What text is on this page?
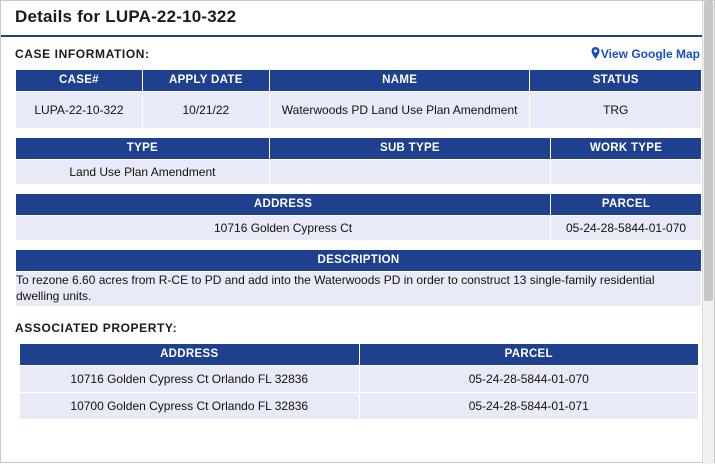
Details for LUPA-22-10-322
CASE INFORMATION:	View Google Map
CASE#	APPLY DATE	NAME	STATUS
LUPA-22-10-322	10/21/22	Waterwoods PD Land Use Plan Amendment	TRG
TYPE	SUB TYPE	WORK TYPE
Land Use Plan Amendment		
ADDRESS	PARCEL
10716 Golden Cypress Ct	05-24-28-5844-01-070
DESCRIPTION
To rezone 6.60 acres from R-CE to PD and add into the Waterwoods PD in order to construct 13 single-family residential dwelling units.
ASSOCIATED PROPERTY:
ADDRESS	PARCEL
10716 Golden Cypress Ct Orlando FL 32836	05-24-28-5844-01-070
10700 Golden Cypress Ct Orlando FL 32836	05-24-28-5844-01-071
